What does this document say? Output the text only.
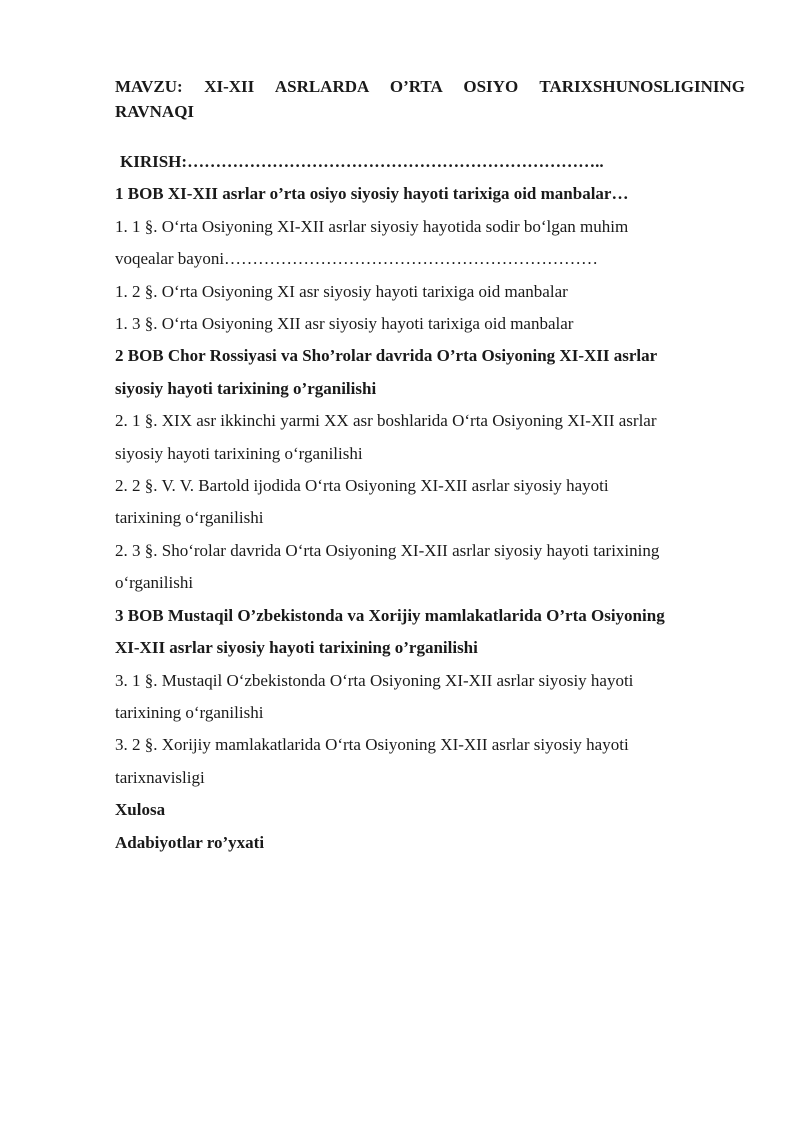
MAVZU: XI-XII ASRLARDA O’RTA OSIYO TARIXSHUNOSLIGINING
RAVNAQI

KIRISH:………………………………………………………………..

1 BOB XI-XII asrlar o’rta osiyo siyosiy hayoti tarixiga oid manbalar…

1. 1 §. O‘rta Osiyoning XI-XII asrlar siyosiy hayotida sodir bo‘lgan muhim

voqealar bayoni…………………………………………………………

1. 2 §. O‘rta Osiyoning XI asr siyosiy hayoti tarixiga oid manbalar

1. 3 §. O‘rta Osiyoning XII asr siyosiy hayoti tarixiga oid manbalar

2 BOB Chor Rossiyasi va Sho’rolar davrida O’rta Osiyoning XI-XII asrlar

siyosiy hayoti tarixining o’rganilishi

2. 1 §. XIX asr ikkinchi yarmi XX asr boshlarida O‘rta Osiyoning XI-XII asrlar

siyosiy hayoti tarixining o‘rganilishi

2. 2 §. V. V. Bartold ijodida O‘rta Osiyoning XI-XII asrlar siyosiy hayoti

tarixining o‘rganilishi

2. 3 §. Sho‘rolar davrida O‘rta Osiyoning XI-XII asrlar siyosiy hayoti tarixining

o‘rganilishi

3 BOB Mustaqil O’zbekistonda va Xorijiy mamlakatlarida O’rta Osiyoning

XI-XII asrlar siyosiy hayoti tarixining o’rganilishi

3. 1 §. Mustaqil O‘zbekistonda O‘rta Osiyoning XI-XII asrlar siyosiy hayoti

tarixining o‘rganilishi

3. 2 §. Xorijiy mamlakatlarida O‘rta Osiyoning XI-XII asrlar siyosiy hayoti

tarixnavisligi

Xulosa

Adabiyotlar ro’yxati
